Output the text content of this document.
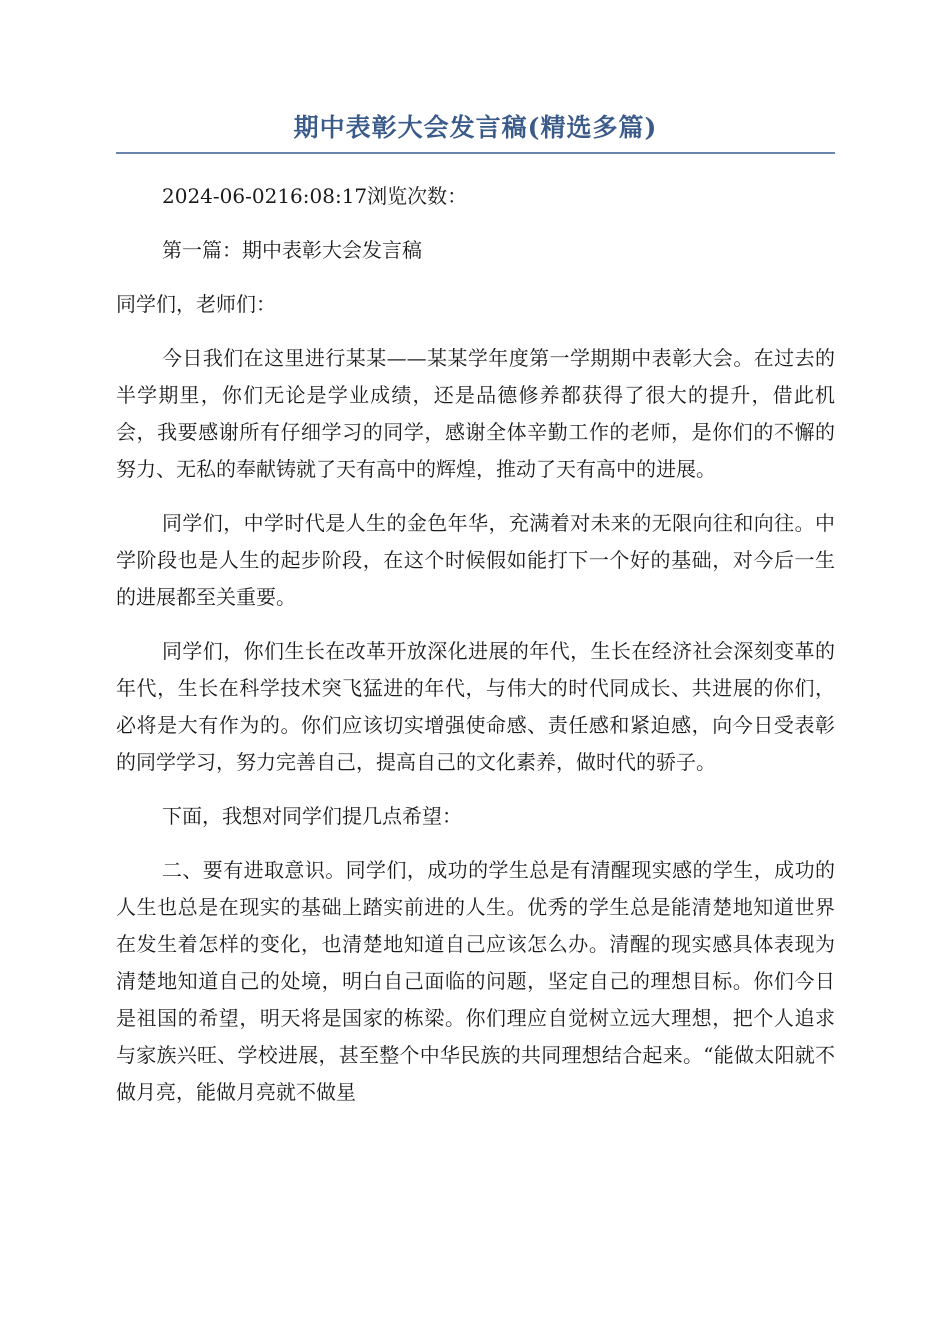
期中表彰大会发言稿(精选多篇)

2024-06-0216:08:17浏览次数：

第一篇：期中表彰大会发言稿

同学们，老师们：

今日我们在这里进行某某——某某学年度第一学期期中表彰大会。在过去的半学期里，你们无论是学业成绩，还是品德修养都获得了很大的提升，借此机会，我要感谢所有仔细学习的同学，感谢全体辛勤工作的老师，是你们的不懈的努力、无私的奉献铸就了天有高中的辉煌，推动了天有高中的进展。

同学们，中学时代是人生的金色年华，充满着对未来的无限向往和向往。中学阶段也是人生的起步阶段，在这个时候假如能打下一个好的基础，对今后一生的进展都至关重要。

同学们，你们生长在改革开放深化进展的年代，生长在经济社会深刻变革的年代，生长在科学技术突飞猛进的年代，与伟大的时代同成长、共进展的你们，必将是大有作为的。你们应该切实增强使命感、责任感和紧迫感，向今日受表彰的同学学习，努力完善自己，提高自己的文化素养，做时代的骄子。

下面，我想对同学们提几点希望：

二、要有进取意识。同学们，成功的学生总是有清醒现实感的学生，成功的人生也总是在现实的基础上踏实前进的人生。优秀的学生总是能清楚地知道世界在发生着怎样的变化，也清楚地知道自己应该怎么办。清醒的现实感具体表现为清楚地知道自己的处境，明白自己面临的问题，坚定自己的理想目标。你们今日是祖国的希望，明天将是国家的栋梁。你们理应自觉树立远大理想，把个人追求与家族兴旺、学校进展，甚至整个中华民族的共同理想结合起来。“能做太阳就不做月亮，能做月亮就不做星
